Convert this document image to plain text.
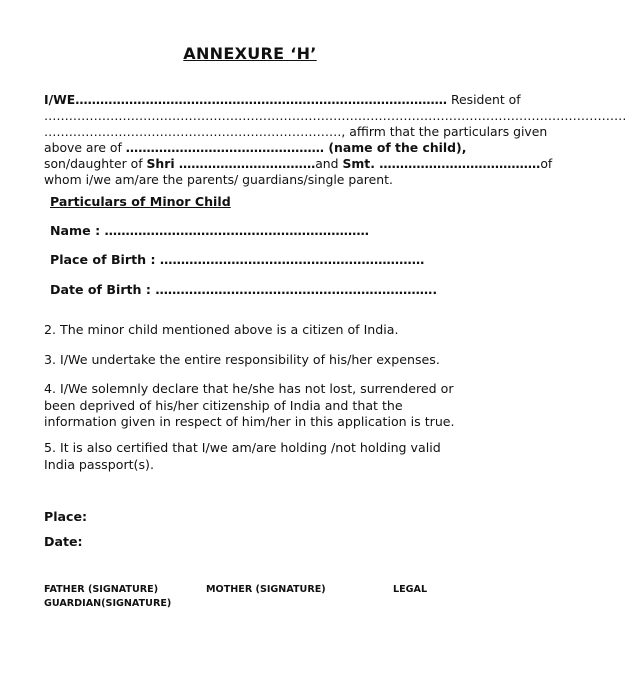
ANNEXURE ‘H’
I/WE……………………………………………………………………………… Resident of
……………………………………………………………………………………………………………………………
………………………………………………………………, affirm that the particulars given
above are of ………………………………………… (name of the child),
son/daughter of Shri ……………………………and Smt. …………………………………of
whom i/we am/are the parents/ guardians/single parent.
Particulars of Minor Child
Name : ………………………………………………………
Place of Birth : ………………………………………………………
Date of Birth : ………………………………………………………….
2. The minor child mentioned above is a citizen of India.
3. I/We undertake the entire responsibility of his/her expenses.
4. I/We solemnly declare that he/she has not lost, surrendered or been deprived of his/her citizenship of India and that the information given in respect of him/her in this application is true.
5. It is also certified that I/we am/are holding /not holding valid India passport(s).
Place:
Date:
FATHER (SIGNATURE)	MOTHER (SIGNATURE)	LEGAL
GUARDIAN(SIGNATURE)
